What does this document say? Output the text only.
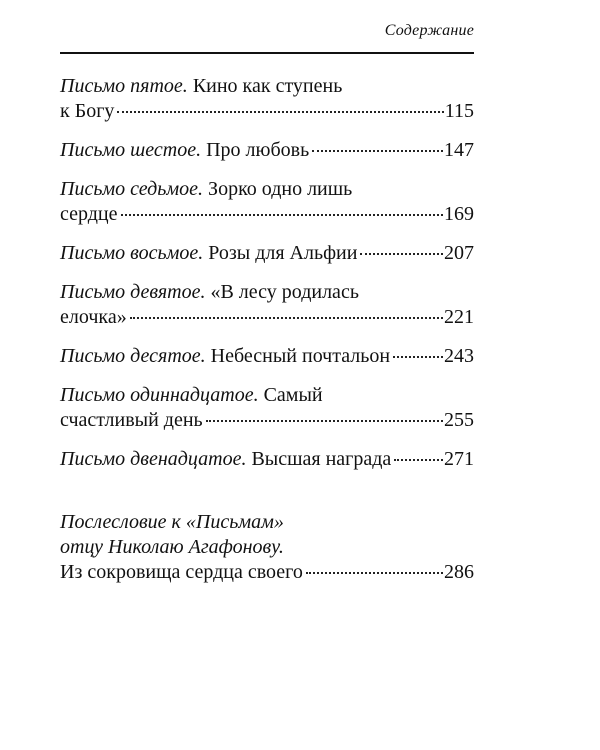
Содержание
Письмо пятое. Кино как ступень
к Богу	115
Письмо шестое. Про любовь	147
Письмо седьмое. Зорко одно лишь
сердце	169
Письмо восьмое. Розы для Альфии	207
Письмо девятое. «В лесу родилась
елочка»	221
Письмо десятое. Небесный почтальон	243
Письмо одиннадцатое. Самый
счастливый день	255
Письмо двенадцатое. Высшая награда	271
Послесловие к «Письмам»
отцу Николаю Агафонову.
Из сокровища сердца своего	286
